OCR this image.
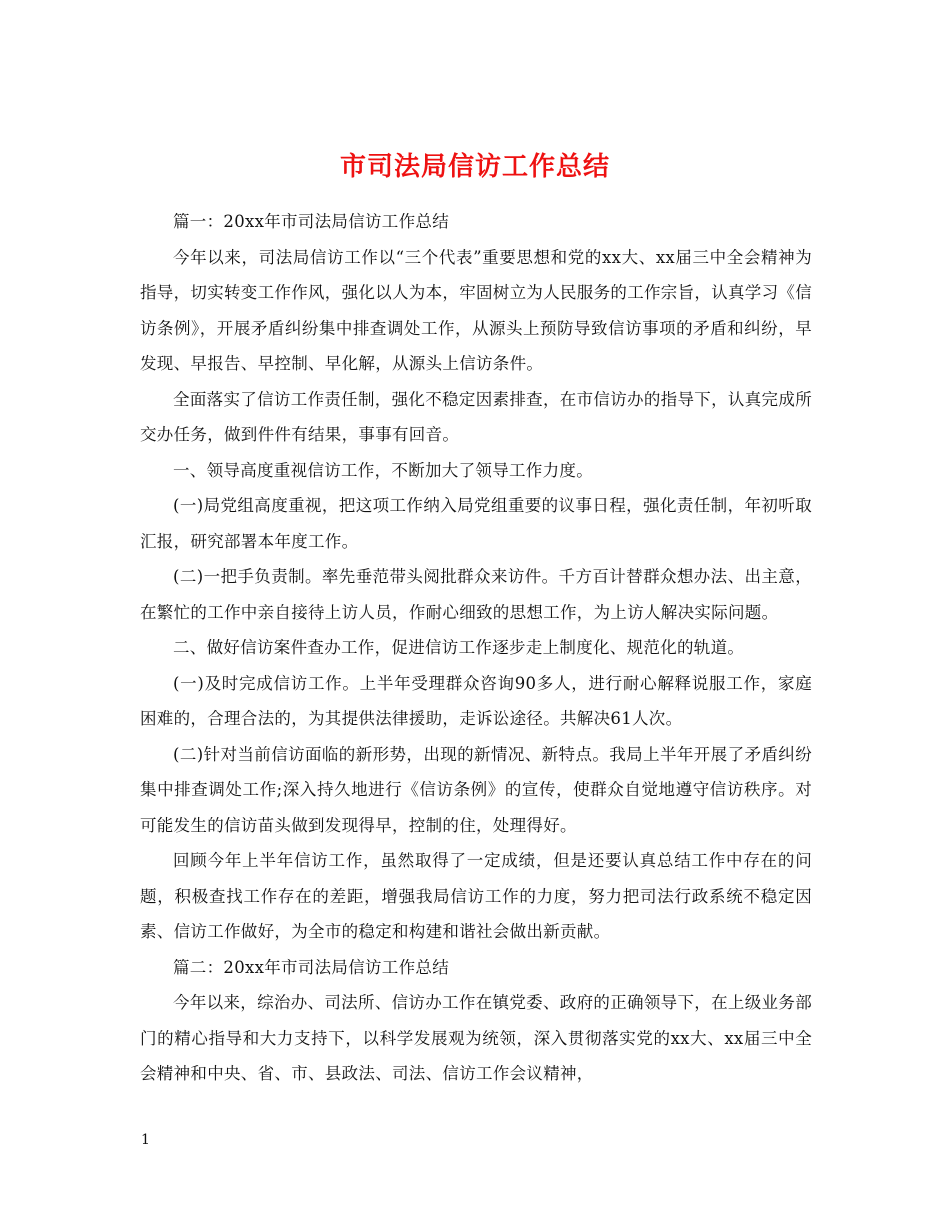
市司法局信访工作总结

篇一：20xx年市司法局信访工作总结

今年以来，司法局信访工作以“三个代表”重要思想和党的xx大、xx届三中全会精神为指导，切实转变工作作风，强化以人为本，牢固树立为人民服务的工作宗旨，认真学习《信访条例》，开展矛盾纠纷集中排查调处工作，从源头上预防导致信访事项的矛盾和纠纷，早发现、早报告、早控制、早化解，从源头上信访条件。

全面落实了信访工作责任制，强化不稳定因素排查，在市信访办的指导下，认真完成所交办任务，做到件件有结果，事事有回音。

一、领导高度重视信访工作，不断加大了领导工作力度。

(一)局党组高度重视，把这项工作纳入局党组重要的议事日程，强化责任制，年初听取汇报，研究部署本年度工作。

(二)一把手负责制。率先垂范带头阅批群众来访件。千方百计替群众想办法、出主意，在繁忙的工作中亲自接待上访人员，作耐心细致的思想工作，为上访人解决实际问题。

二、做好信访案件查办工作，促进信访工作逐步走上制度化、规范化的轨道。

(一)及时完成信访工作。上半年受理群众咨询90多人，进行耐心解释说服工作，家庭困难的，合理合法的，为其提供法律援助，走诉讼途径。共解决61人次。

(二)针对当前信访面临的新形势，出现的新情况、新特点。我局上半年开展了矛盾纠纷集中排查调处工作;深入持久地进行《信访条例》的宣传，使群众自觉地遵守信访秩序。对可能发生的信访苗头做到发现得早，控制的住，处理得好。

回顾今年上半年信访工作，虽然取得了一定成绩，但是还要认真总结工作中存在的问题，积极查找工作存在的差距，增强我局信访工作的力度，努力把司法行政系统不稳定因素、信访工作做好，为全市的稳定和构建和谐社会做出新贡献。

篇二：20xx年市司法局信访工作总结

今年以来，综治办、司法所、信访办工作在镇党委、政府的正确领导下，在上级业务部门的精心指导和大力支持下，以科学发展观为统领，深入贯彻落实党的xx大、xx届三中全会精神和中央、省、市、县政法、司法、信访工作会议精神，

1
